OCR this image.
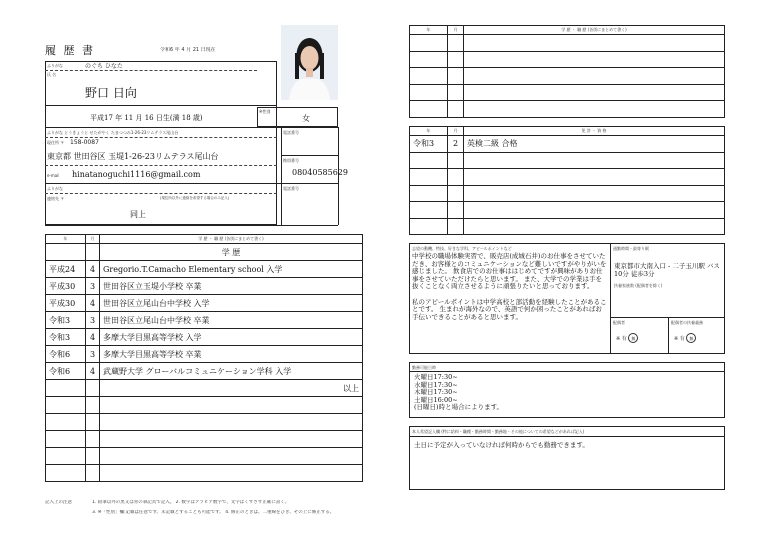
履 歴 書	令和6 年 4 月 21 日現在
ふりがな	のぐち ひなた
氏 名
野口 日向
平成17 年 11 月 16 日生(満 18 歳)
※性別
女
ふりがな とうきょうと せたがやく たまつつみ1-26-23リムテラス尾山台
現住所 〒 158-0087
東京都 世田谷区 玉堤1-26-23リムテラス尾山台
e-mail hinatanoguchi1116@gmail.com
電話番号
携帯番号
08040585629
ふりがな
連絡先 〒	(現住所以外に連絡を希望する場合のみ記入)
同上
電話番号
年	月	学 歴 ・ 職 歴 (各別にまとめて書く)
		学 歴
平成24	4	Gregorio.T.Camacho Elementary school 入学
平成30	3	世田谷区立玉堤小学校 卒業
平成30	4	世田谷区立尾山台中学校 入学
令和3	3	世田谷区立尾山台中学校 卒業
令和3	4	多摩大学目黒高等学校 入学
令和6	3	多摩大学目黒高等学校 卒業
令和6	4	武蔵野大学 グローバルコミュニケーション学科 入学
		以上

記入上の注意	1. 鉛筆以外の黒又は青の筆記具で記入。 2. 数字はアラビア数字で、文字はくずさず正確に書く。
3. ※「性別」欄:記載は任意です。未記載とすることも可能です。 4. 修正のときは、二重線をひき、その上に修正する。
年	月	学 歴 ・ 職 歴 (各別にまとめて書く)

年	月	免 許 ・ 資 格
令和3	2	英検二級 合格

志望の動機、特技、好きな学科、アピールポイントなど
中学校の職場体験実習で、販売店(成城石井)のお仕事をさせていただき、お客様とのコミュニケーションなど難しいですがやりがいを感じました。 飲食店でのお仕事ははじめてですが興味がありお仕事をさせていただけたらと思います。 また、大学での学業は手を抜くことなく両立させるように頑張りたいと思っております。

私のアピールポイントは中学高校と部活動を経験したことがあることです。 生まれが海外なので、英語で何か困ったことがあればお手伝いできることがあると思います。
通勤時間・最寄り駅
東京都市大南入口 - 二子玉川駅 バス10分 徒歩3分
扶養家族数 (配偶者を除く)
配偶者
※ 有 無
配偶者の扶養義務
※ 有 無
勤務可能日時
火曜日17:30~
水曜日17:30~
木曜日17:30~
土曜日16:00~
(日曜日)時と場合によります。
本人希望記入欄 (特に給料・職種・勤務時間・勤務地・その他についての希望などがあれば記入)
土日に予定が入っていなければ何時からでも勤務できます。
